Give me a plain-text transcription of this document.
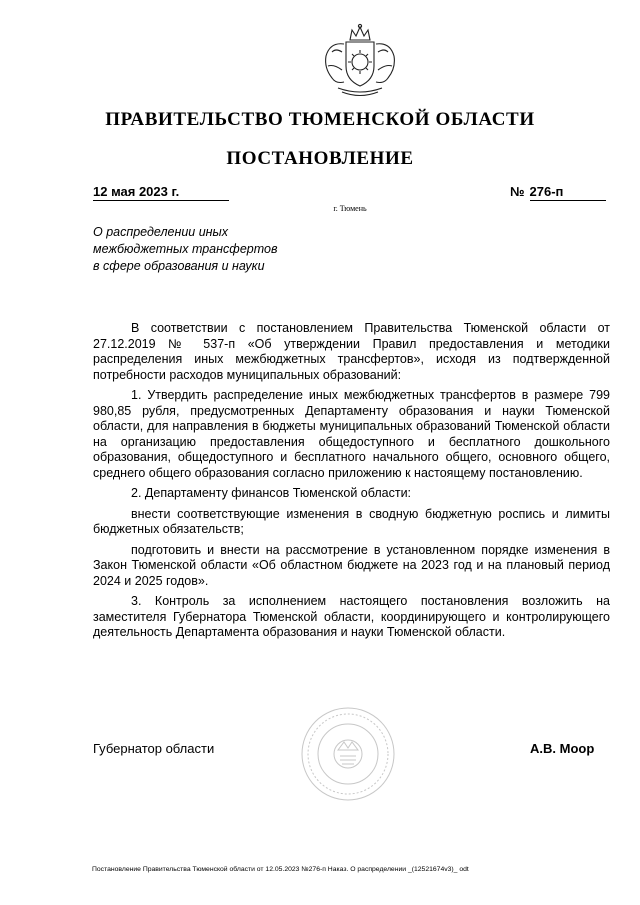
ПРАВИТЕЛЬСТВО ТЮМЕНСКОЙ ОБЛАСТИ
ПОСТАНОВЛЕНИЕ
12 мая 2023 г.	№ 276-п
г. Тюмень
О распределении иных
межбюджетных трансфертов
в сфере образования и науки

В соответствии с постановлением Правительства Тюменской области от 27.12.2019 № 537-п «Об утверждении Правил предоставления и методики распределения иных межбюджетных трансфертов», исходя из подтвержденной потребности расходов муниципальных образований:

1. Утвердить распределение иных межбюджетных трансфертов в размере 799 980,85 рубля, предусмотренных Департаменту образования и науки Тюменской области, для направления в бюджеты муниципальных образований Тюменской области на организацию предоставления общедоступного и бесплатного дошкольного образования, общедоступного и бесплатного начального общего, основного общего, среднего общего образования согласно приложению к настоящему постановлению.

2. Департаменту финансов Тюменской области:

внести соответствующие изменения в сводную бюджетную роспись и лимиты бюджетных обязательств;

подготовить и внести на рассмотрение в установленном порядке изменения в Закон Тюменской области «Об областном бюджете на 2023 год и на плановый период 2024 и 2025 годов».

3. Контроль за исполнением настоящего постановления возложить на заместителя Губернатора Тюменской области, координирующего и контролирующего деятельность Департамента образования и науки Тюменской области.

Губернатор области	А.В. Моор
Постановление Правительства Тюменской области от 12.05.2023 №276-п Наказ. О распределении _(12521674v3)_ odt
